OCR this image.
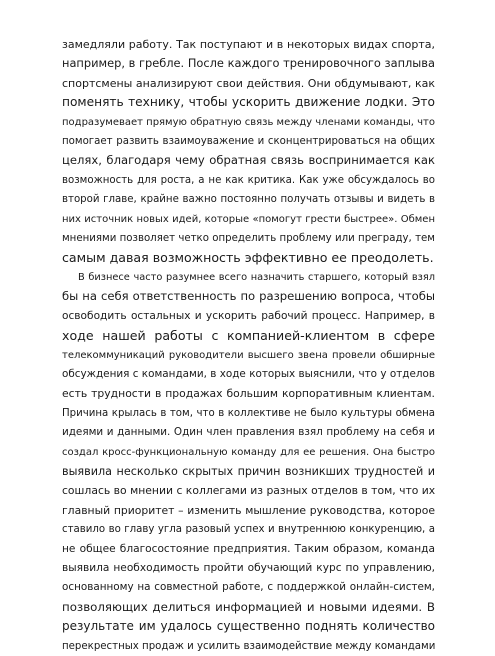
замедляли работу. Так поступают и в некоторых видах спорта,
например, в гребле. После каждого тренировочного заплыва
спортсмены анализируют свои действия. Они обдумывают, как
поменять технику, чтобы ускорить движение лодки. Это
подразумевает прямую обратную связь между членами команды, что
помогает развить взаимоуважение и сконцентрироваться на общих
целях, благодаря чему обратная связь воспринимается как
возможность для роста, а не как критика. Как уже обсуждалось во
второй главе, крайне важно постоянно получать отзывы и видеть в
них источник новых идей, которые «помогут грести быстрее». Обмен
мнениями позволяет четко определить проблему или преграду, тем
самым давая возможность эффективно ее преодолеть.
В бизнесе часто разумнее всего назначить старшего, который взял
бы на себя ответственность по разрешению вопроса, чтобы
освободить остальных и ускорить рабочий процесс. Например, в
ходе нашей работы с компанией-клиентом в сфере
телекоммуникаций руководители высшего звена провели обширные
обсуждения с командами, в ходе которых выяснили, что у отделов
есть трудности в продажах большим корпоративным клиентам.
Причина крылась в том, что в коллективе не было культуры обмена
идеями и данными. Один член правления взял проблему на себя и
создал кросс-функциональную команду для ее решения. Она быстро
выявила несколько скрытых причин возникших трудностей и
сошлась во мнении с коллегами из разных отделов в том, что их
главный приоритет – изменить мышление руководства, которое
ставило во главу угла разовый успех и внутреннюю конкуренцию, а
не общее благосостояние предприятия. Таким образом, команда
выявила необходимость пройти обучающий курс по управлению,
основанному на совместной работе, с поддержкой онлайн-систем,
позволяющих делиться информацией и новыми идеями. В
результате им удалось существенно поднять количество
перекрестных продаж и усилить взаимодействие между командами
